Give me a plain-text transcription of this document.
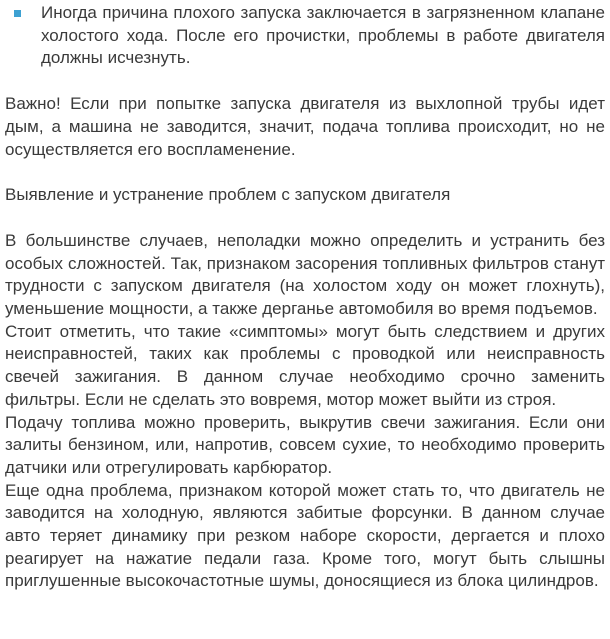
Иногда причина плохого запуска заключается в загрязненном клапане холостого хода. После его прочистки, проблемы в работе двигателя должны исчезнуть.

Важно! Если при попытке запуска двигателя из выхлопной трубы идет дым, а машина не заводится, значит, подача топлива происходит, но не осуществляется его воспламенение.

Выявление и устранение проблем с запуском двигателя

В большинстве случаев, неполадки можно определить и устранить без особых сложностей. Так, признаком засорения топливных фильтров станут трудности с запуском двигателя (на холостом ходу он может глохнуть), уменьшение мощности, а также дерганье автомобиля во время подъемов.

Стоит отметить, что такие «симптомы» могут быть следствием и других неисправностей, таких как проблемы с проводкой или неисправность свечей зажигания. В данном случае необходимо срочно заменить фильтры. Если не сделать это вовремя, мотор может выйти из строя.

Подачу топлива можно проверить, выкрутив свечи зажигания. Если они залиты бензином, или, напротив, совсем сухие, то необходимо проверить датчики или отрегулировать карбюратор.

Еще одна проблема, признаком которой может стать то, что двигатель не заводится на холодную, являются забитые форсунки. В данном случае авто теряет динамику при резком наборе скорости, дергается и плохо реагирует на нажатие педали газа. Кроме того, могут быть слышны приглушенные высокочастотные шумы, доносящиеся из блока цилиндров.
